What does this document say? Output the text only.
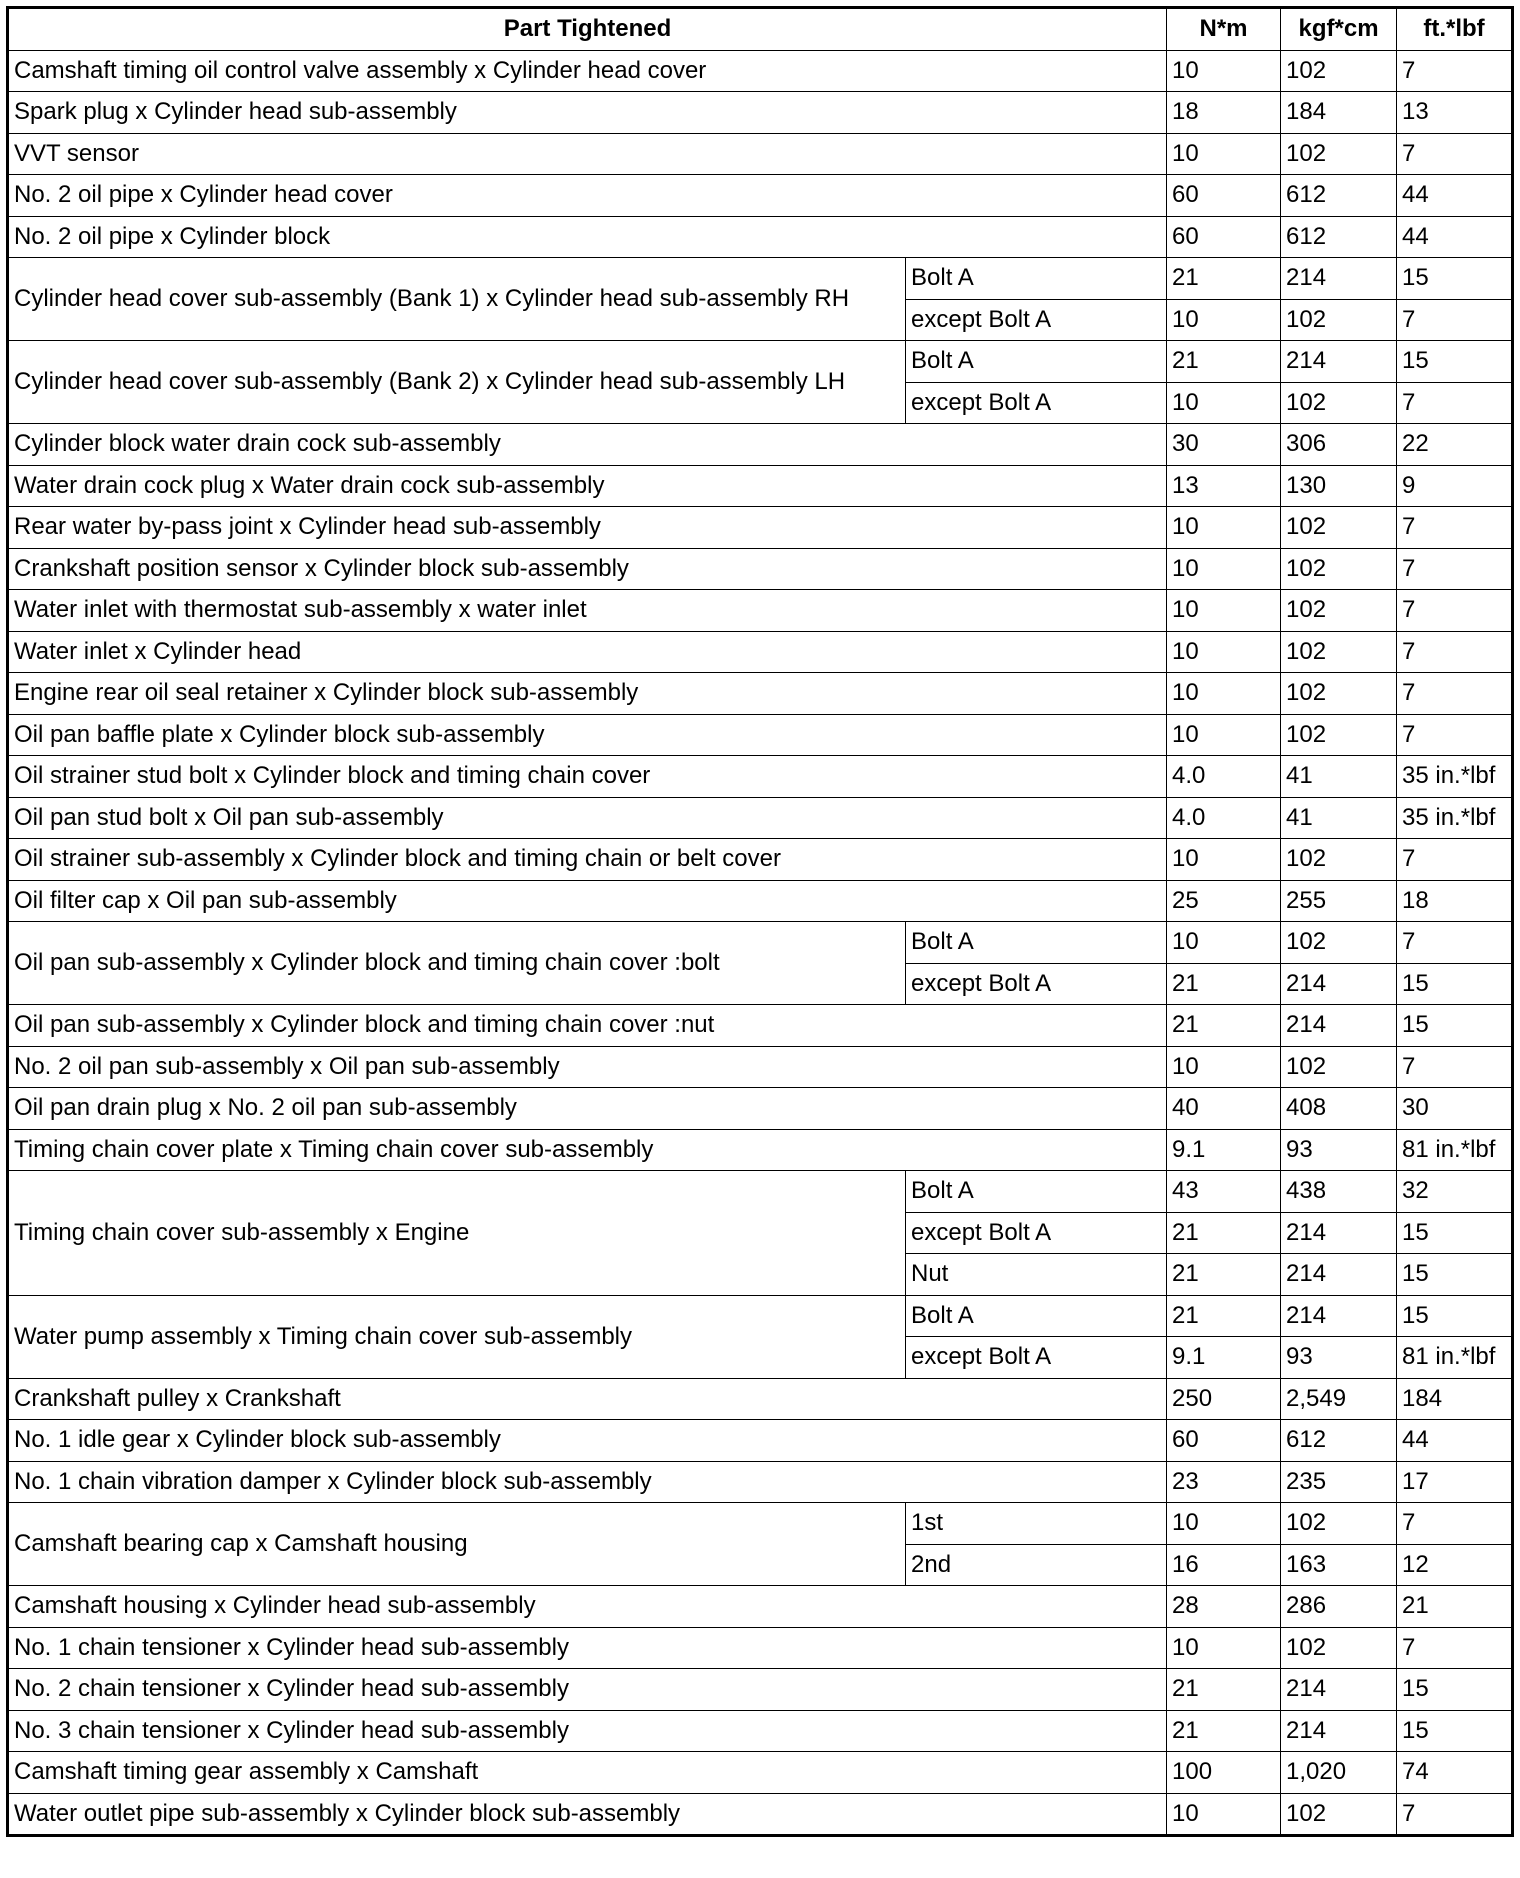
Part Tightened		N*m	kgf*cm	ft.*lbf
Camshaft timing oil control valve assembly x Cylinder head cover		10	102	7
Spark plug x Cylinder head sub-assembly		18	184	13
VVT sensor		10	102	7
No. 2 oil pipe x Cylinder head cover		60	612	44
No. 2 oil pipe x Cylinder block		60	612	44
Cylinder head cover sub-assembly (Bank 1) x Cylinder head sub-assembly RH	Bolt A	21	214	15
	except Bolt A	10	102	7
Cylinder head cover sub-assembly (Bank 2) x Cylinder head sub-assembly LH	Bolt A	21	214	15
	except Bolt A	10	102	7
Cylinder block water drain cock sub-assembly		30	306	22
Water drain cock plug x Water drain cock sub-assembly		13	130	9
Rear water by-pass joint x Cylinder head sub-assembly		10	102	7
Crankshaft position sensor x Cylinder block sub-assembly		10	102	7
Water inlet with thermostat sub-assembly x water inlet		10	102	7
Water inlet x Cylinder head		10	102	7
Engine rear oil seal retainer x Cylinder block sub-assembly		10	102	7
Oil pan baffle plate x Cylinder block sub-assembly		10	102	7
Oil strainer stud bolt x Cylinder block and timing chain cover		4.0	41	35 in.*lbf
Oil pan stud bolt x Oil pan sub-assembly		4.0	41	35 in.*lbf
Oil strainer sub-assembly x Cylinder block and timing chain or belt cover		10	102	7
Oil filter cap x Oil pan sub-assembly		25	255	18
Oil pan sub-assembly x Cylinder block and timing chain cover :bolt	Bolt A	10	102	7
	except Bolt A	21	214	15
Oil pan sub-assembly x Cylinder block and timing chain cover :nut		21	214	15
No. 2 oil pan sub-assembly x Oil pan sub-assembly		10	102	7
Oil pan drain plug x No. 2 oil pan sub-assembly		40	408	30
Timing chain cover plate x Timing chain cover sub-assembly		9.1	93	81 in.*lbf
Timing chain cover sub-assembly x Engine	Bolt A	43	438	32
	except Bolt A	21	214	15
	Nut	21	214	15
Water pump assembly x Timing chain cover sub-assembly	Bolt A	21	214	15
	except Bolt A	9.1	93	81 in.*lbf
Crankshaft pulley x Crankshaft		250	2,549	184
No. 1 idle gear x Cylinder block sub-assembly		60	612	44
No. 1 chain vibration damper x Cylinder block sub-assembly		23	235	17
Camshaft bearing cap x Camshaft housing	1st	10	102	7
	2nd	16	163	12
Camshaft housing x Cylinder head sub-assembly		28	286	21
No. 1 chain tensioner x Cylinder head sub-assembly		10	102	7
No. 2 chain tensioner x Cylinder head sub-assembly		21	214	15
No. 3 chain tensioner x Cylinder head sub-assembly		21	214	15
Camshaft timing gear assembly x Camshaft		100	1,020	74
Water outlet pipe sub-assembly x Cylinder block sub-assembly		10	102	7
